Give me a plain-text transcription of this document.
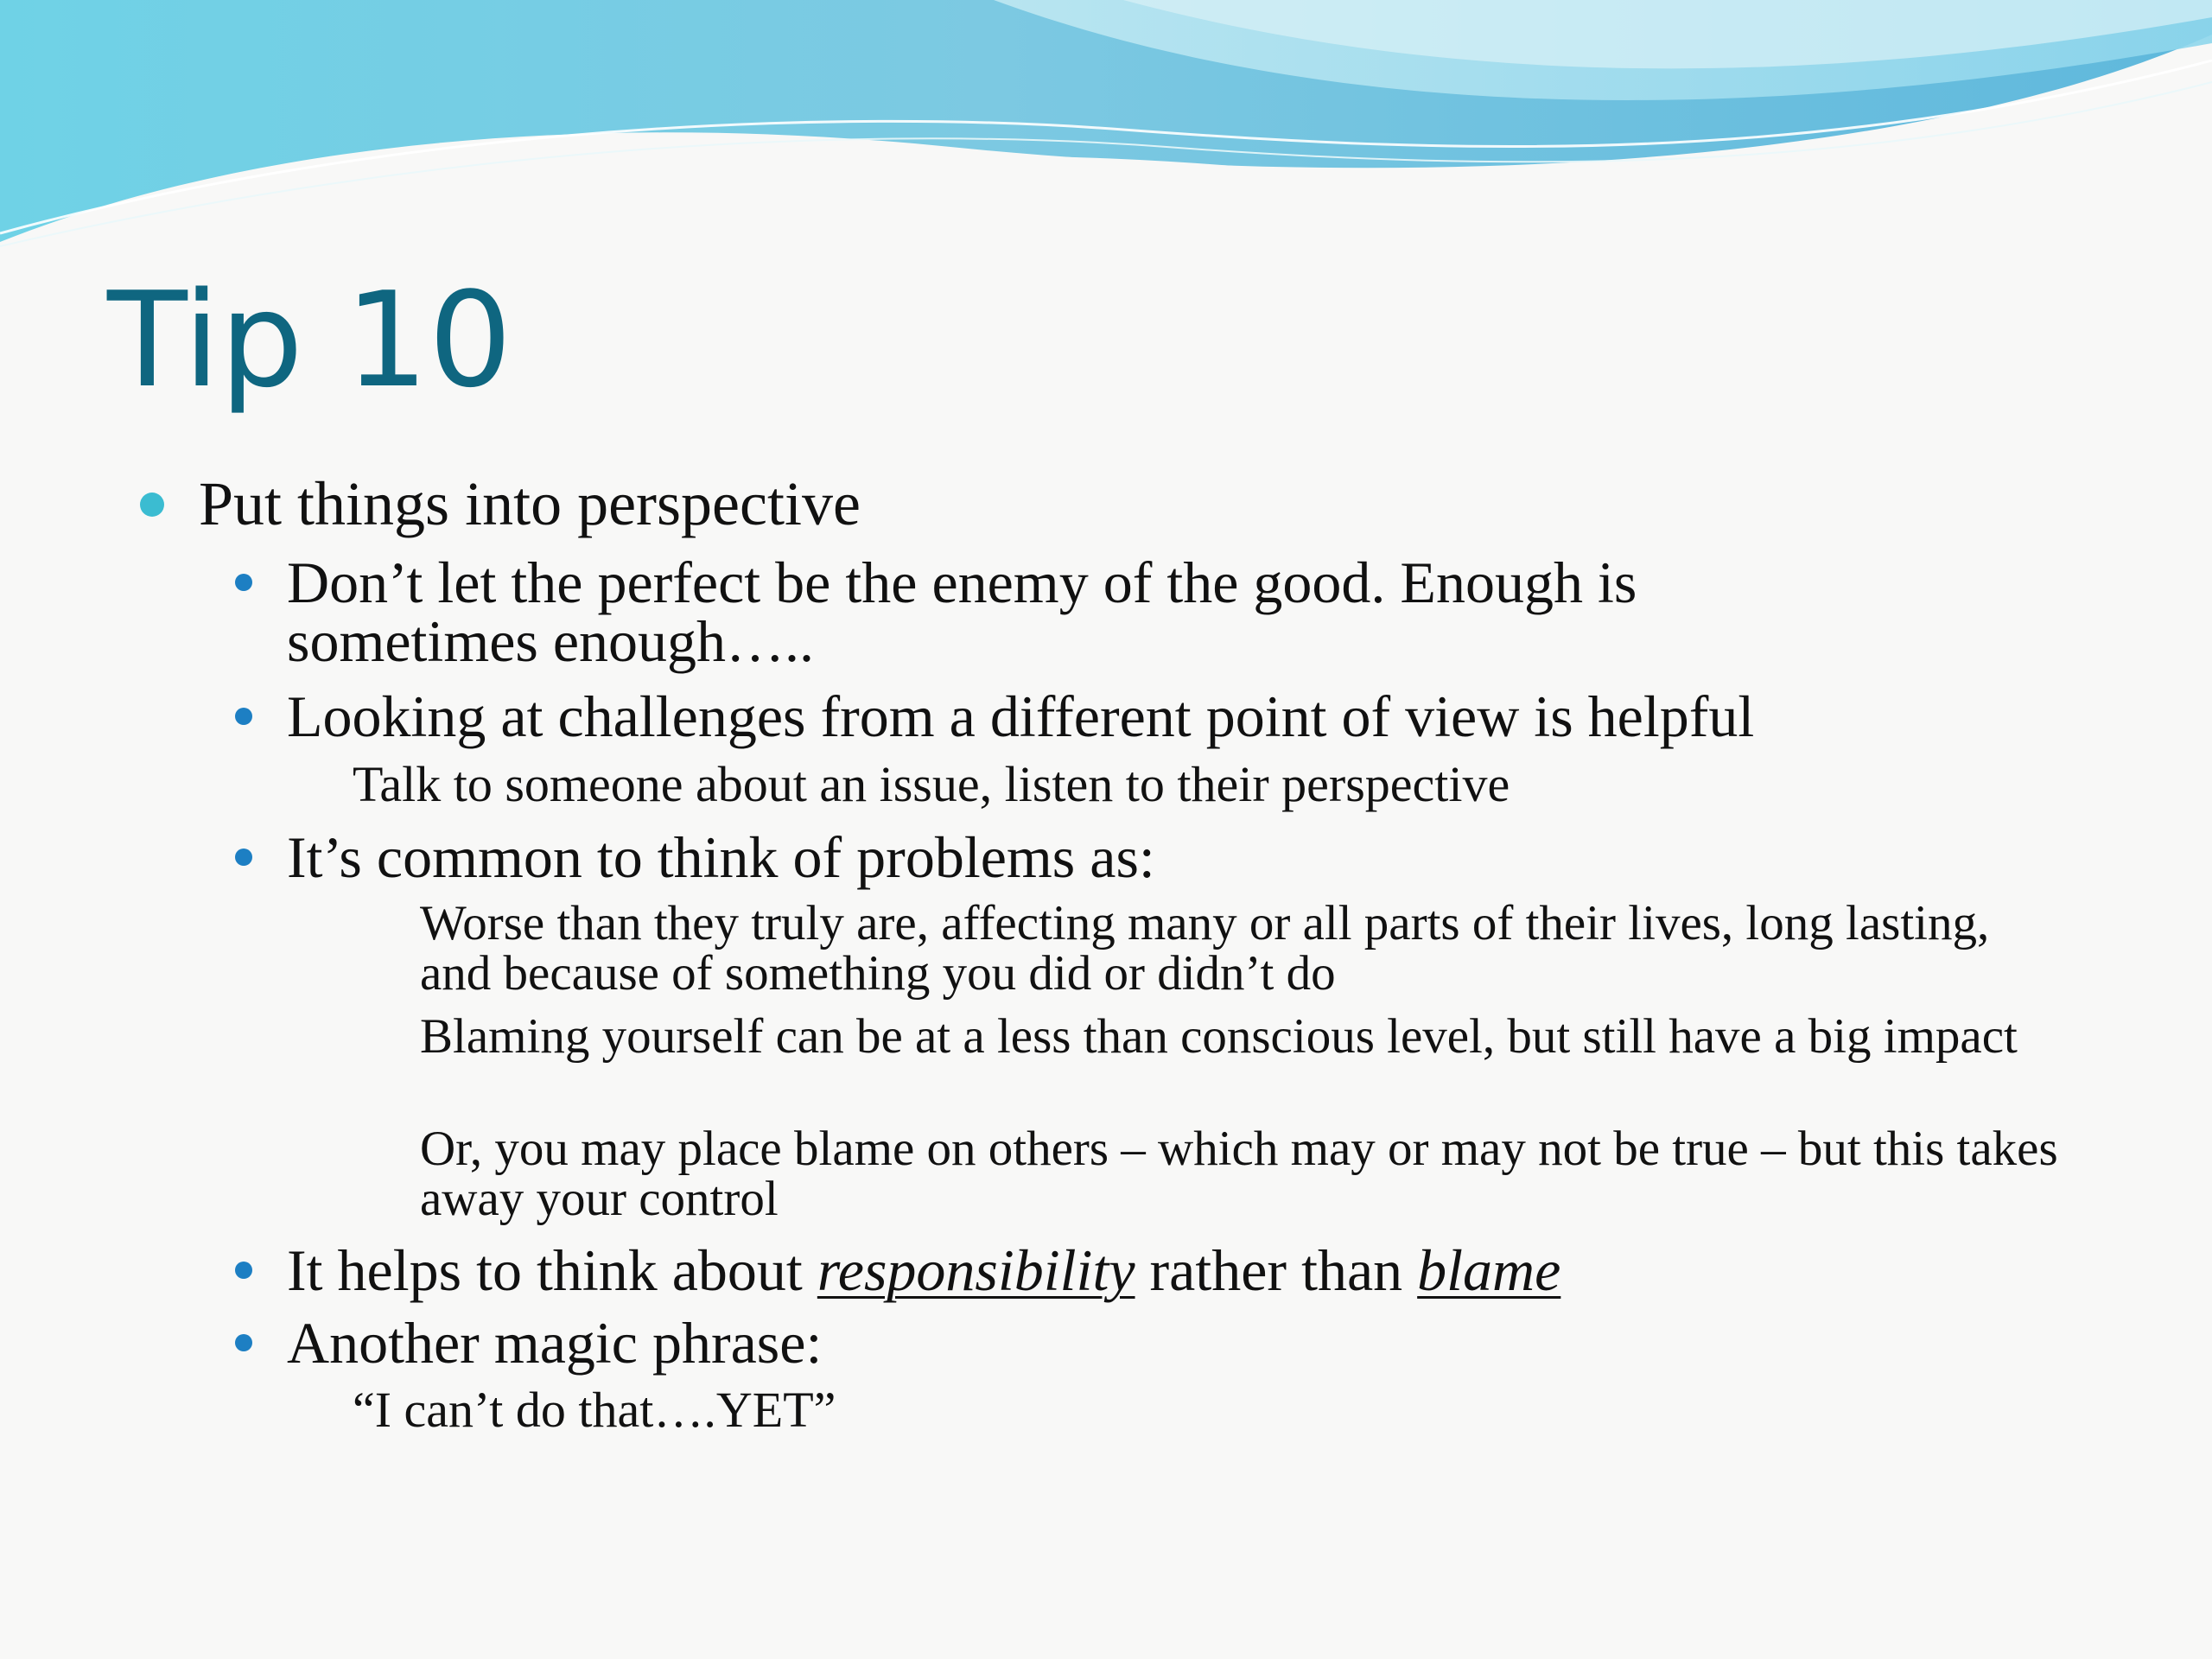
Tip 10

Put things into perspective

Don’t let the perfect be the enemy of the good. Enough is sometimes enough…..

Looking at challenges from a different point of view is helpful

Talk to someone about an issue, listen to their perspective

It’s common to think of problems as:

Worse than they truly are, affecting many or all parts of their lives, long lasting, and because of something you did or didn’t do

Blaming yourself can be at a less than conscious level, but still have a big impact

Or, you may place blame on others – which may or may not be true – but this takes away your control

It helps to think about responsibility rather than blame

Another magic phrase:

“I can’t do that….YET”
